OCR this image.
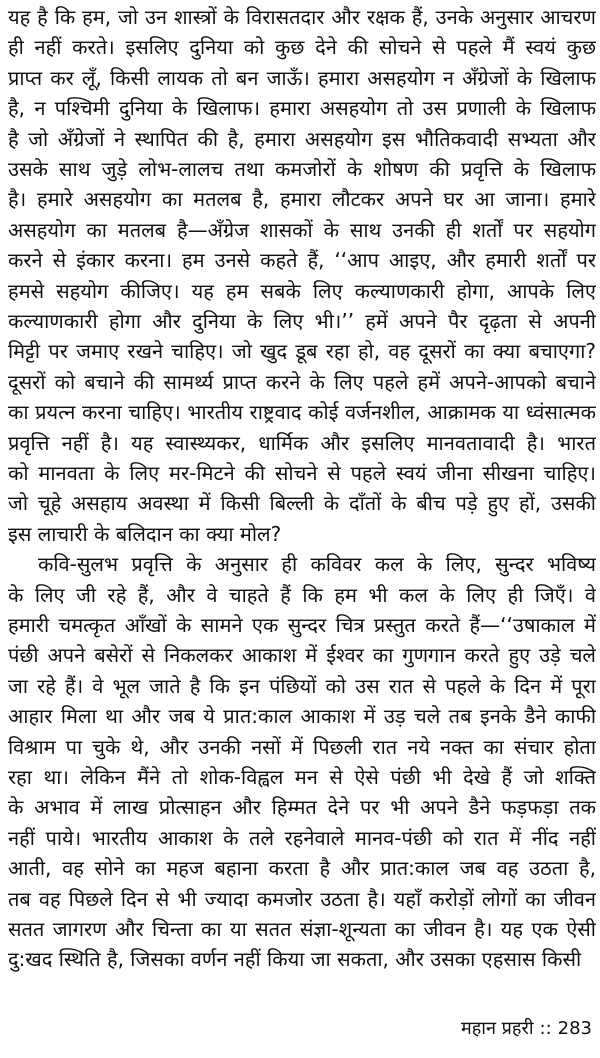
यह है कि हम, जो उन शास्त्रों के विरासतदार और रक्षक हैं, उनके अनुसार आचरण
ही नहीं करते। इसलिए दुनिया को कुछ देने की सोचने से पहले मैं स्वयं कुछ
प्राप्त कर लूँ, किसी लायक तो बन जाऊँ। हमारा असहयोग न अँग्रेजों के खिलाफ
है, न पश्चिमी दुनिया के खिलाफ। हमारा असहयोग तो उस प्रणाली के खिलाफ
है जो अँग्रेजों ने स्थापित की है, हमारा असहयोग इस भौतिकवादी सभ्यता और
उसके साथ जुड़े लोभ-लालच तथा कमजोरों के शोषण की प्रवृत्ति के खिलाफ
है। हमारे असहयोग का मतलब है, हमारा लौटकर अपने घर आ जाना। हमारे
असहयोग का मतलब है—अँग्रेज शासकों के साथ उनकी ही शर्तों पर सहयोग
करने से इंकार करना। हम उनसे कहते हैं, ‘‘आप आइए, और हमारी शर्तों पर
हमसे सहयोग कीजिए। यह हम सबके लिए कल्याणकारी होगा, आपके लिए
कल्याणकारी होगा और दुनिया के लिए भी।’’ हमें अपने पैर दृढ़ता से अपनी
मिट्टी पर जमाए रखने चाहिए। जो खुद डूब रहा हो, वह दूसरों का क्या बचाएगा?
दूसरों को बचाने की सामर्थ्य प्राप्त करने के लिए पहले हमें अपने-आपको बचाने
का प्रयत्न करना चाहिए। भारतीय राष्ट्रवाद कोई वर्जनशील, आक्रामक या ध्वंसात्मक
प्रवृत्ति नहीं है। यह स्वास्थ्यकर, धार्मिक और इसलिए मानवतावादी है। भारत
को मानवता के लिए मर-मिटने की सोचने से पहले स्वयं जीना सीखना चाहिए।
जो चूहे असहाय अवस्था में किसी बिल्ली के दाँतों के बीच पड़े हुए हों, उसकी
इस लाचारी के बलिदान का क्या मोल?
कवि-सुलभ प्रवृत्ति के अनुसार ही कविवर कल के लिए, सुन्दर भविष्य
के लिए जी रहे हैं, और वे चाहते हैं कि हम भी कल के लिए ही जिएँ। वे
हमारी चमत्कृत आँखों के सामने एक सुन्दर चित्र प्रस्तुत करते हैं—‘‘उषाकाल में
पंछी अपने बसेरों से निकलकर आकाश में ईश्वर का गुणगान करते हुए उड़े चले
जा रहे हैं। वे भूल जाते है कि इन पंछियों को उस रात से पहले के दिन में पूरा
आहार मिला था और जब ये प्रात:काल आकाश में उड़ चले तब इनके डैने काफी
विश्राम पा चुके थे, और उनकी नसों में पिछली रात नये नक्त का संचार होता
रहा था। लेकिन मैंने तो शोक-विह्वल मन से ऐसे पंछी भी देखे हैं जो शक्ति
के अभाव में लाख प्रोत्साहन और हिम्मत देने पर भी अपने डैने फड़फड़ा तक
नहीं पाये। भारतीय आकाश के तले रहनेवाले मानव-पंछी को रात में नींद नहीं
आती, वह सोने का महज बहाना करता है और प्रात:काल जब वह उठता है,
तब वह पिछले दिन से भी ज्यादा कमजोर उठता है। यहाँ करोड़ों लोगों का जीवन
सतत जागरण और चिन्ता का या सतत संज्ञा-शून्यता का जीवन है। यह एक ऐसी
दु:खद स्थिति है, जिसका वर्णन नहीं किया जा सकता, और उसका एहसास किसी
महान प्रहरी :: 283
